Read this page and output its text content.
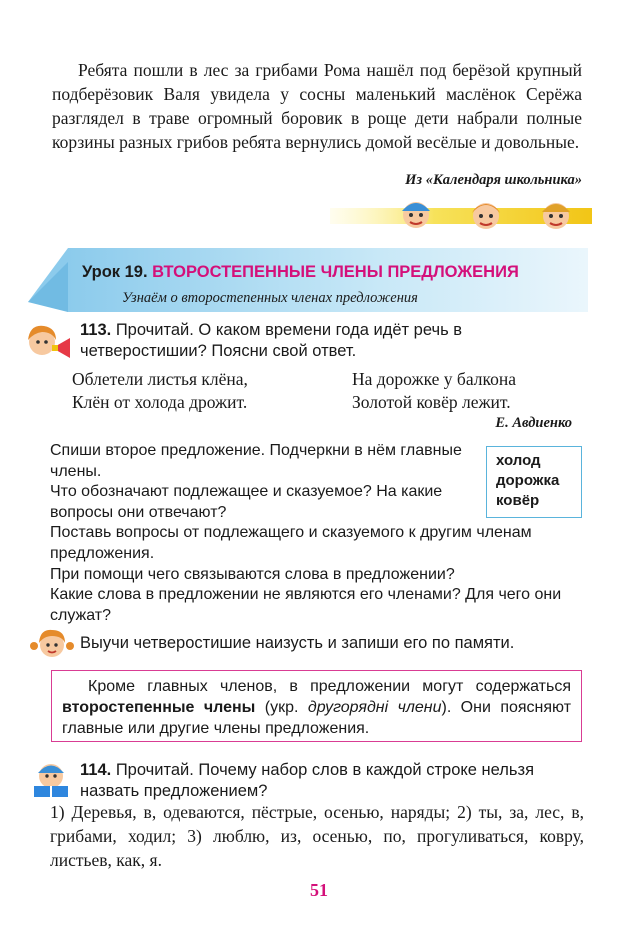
Ребята пошли в лес за грибами Рома нашёл под берёзой крупный подберёзовик Валя увидела у сосны маленький маслёнок Серёжа разглядел в траве огромный боровик в роще дети набрали полные корзины разных грибов ребята вернулись домой весёлые и довольные.

Из «Календаря школьника»
Урок 19. ВТОРОСТЕПЕННЫЕ ЧЛЕНЫ ПРЕДЛОЖЕНИЯ
Узнаём о второстепенных членах предложения
113. Прочитай. О каком времени года идёт речь в четверостишии? Поясни свой ответ.
Облетели листья клёна,
Клён от холода дрожит.
На дорожке у балкона
Золотой ковёр лежит.
Е. Авдиенко
Спиши второе предложение. Подчеркни в нём главные члены.
Что обозначают подлежащее и сказуемое? На какие вопросы они отвечают?
Поставь вопросы от подлежащего и сказуемого к другим членам предложения.
При помощи чего связываются слова в предложении?
Какие слова в предложении не являются его членами? Для чего они служат?
холод
дорожка
ковёр
Выучи четверостишие наизусть и запиши его по памяти.
Кроме главных членов, в предложении могут содержаться второстепенные члены (укр. другорядні члени). Они поясняют главные или другие члены предложения.
114. Прочитай. Почему набор слов в каждой строке нельзя назвать предложением?
1) Деревья, в, одеваются, пёстрые, осенью, наряды; 2) ты, за, лес, в, грибами, ходил; 3) люблю, из, осенью, по, прогуливаться, ковру, листьев, как, я.
51
